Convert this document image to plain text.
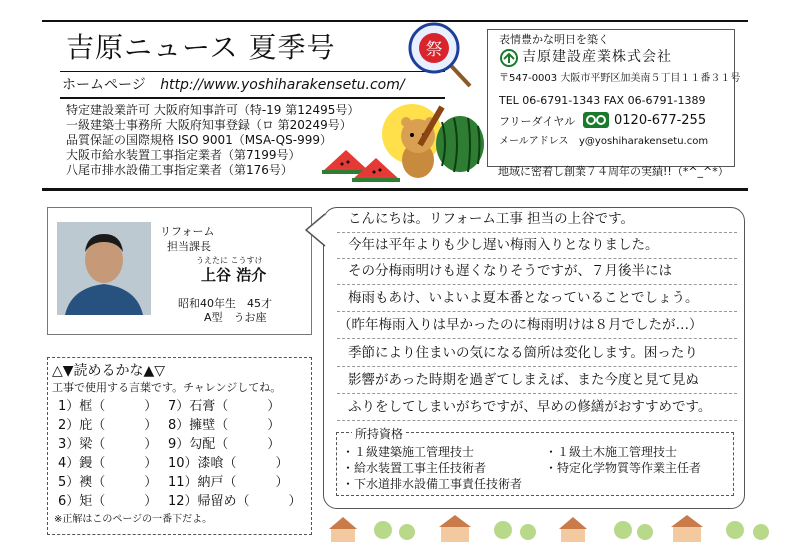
吉原ニュース 夏季号	祭
ホームページ http://www.yoshiharakensetu.com/
特定建設業許可 大阪府知事許可（特-19 第12495号）
一級建築士事務所 大阪府知事登録（ロ 第20249号）
品質保証の国際規格 ISO 9001（MSA-QS-999）
大阪市給水装置工事指定業者（第7199号）
八尾市排水設備工事指定業者（第176号）
表情豊かな明日を築く
吉原建設産業株式会社
〒547-0003 大阪市平野区加美南５丁目１１番３１号
TEL 06-6791-1343 FAX 06-6791-1389
フリーダイヤル	0120-677-255
メールアドレス y@yoshiharakensetu.com
地域に密着し創業７４周年の実績!!（*^_^*）
リフォーム
担当課長
うえたに こうすけ
上谷 浩介
昭和40年生　45才
A型　うお座
△▼読めるかな▲▽
工事で使用する言葉です。チャレンジしてね。
1）框（　　　）
2）庇（　　　）
3）梁（　　　）
4）鏝（　　　）
5）襖（　　　）
6）矩（　　　）
7）石膏（　　　）
8）擁壁（　　　）
9）勾配（　　　）
10）漆喰（　　　）
11）納戸（　　　）
12）帰留め（　　　）
※正解はこのページの一番下だよ。
こんにちは。リフォーム工事 担当の上谷です。
今年は平年よりも少し遅い梅雨入りとなりました。
その分梅雨明けも遅くなりそうですが、７月後半には
梅雨もあけ、いよいよ夏本番となっていることでしょう。
（昨年梅雨入りは早かったのに梅雨明けは８月でしたが…）
季節により住まいの気になる箇所は変化します。困ったり
影響があった時期を過ぎてしまえば、また今度と見て見ぬ
ふりをしてしまいがちですが、早めの修繕がおすすめです。
所持資格
・１級建築施工管理技士	・１級土木施工管理技士
・給水装置工事主任技術者	・特定化学物質等作業主任者
・下水道排水設備工事責任技術者
